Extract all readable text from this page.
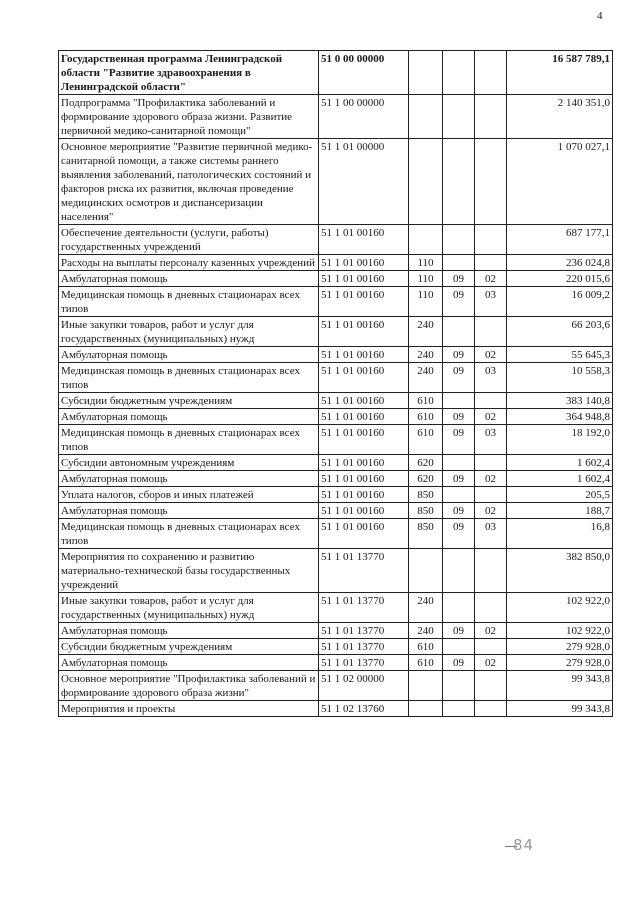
4
Государственная программа Ленинградской области "Развитие здравоохранения в Ленинградской области"	51 0 00 00000				16 587 789,1
Подпрограмма "Профилактика заболеваний и формирование здорового образа жизни. Развитие первичной медико-санитарной помощи"	51 1 00 00000				2 140 351,0
Основное мероприятие "Развитие первичной медико-санитарной помощи, а также системы раннего выявления заболеваний, патологических состояний и факторов риска их развития, включая проведение медицинских осмотров и диспансеризации населения"	51 1 01 00000				1 070 027,1
Обеспечение деятельности (услуги, работы) государственных учреждений	51 1 01 00160				687 177,1
Расходы на выплаты персоналу казенных учреждений	51 1 01 00160	110			236 024,8
Амбулаторная помощь	51 1 01 00160	110	09	02	220 015,6
Медицинская помощь в дневных стационарах всех типов	51 1 01 00160	110	09	03	16 009,2
Иные закупки товаров, работ и услуг для государственных (муниципальных) нужд	51 1 01 00160	240			66 203,6
Амбулаторная помощь	51 1 01 00160	240	09	02	55 645,3
Медицинская помощь в дневных стационарах всех типов	51 1 01 00160	240	09	03	10 558,3
Субсидии бюджетным учреждениям	51 1 01 00160	610			383 140,8
Амбулаторная помощь	51 1 01 00160	610	09	02	364 948,8
Медицинская помощь в дневных стационарах всех типов	51 1 01 00160	610	09	03	18 192,0
Субсидии автономным учреждениям	51 1 01 00160	620			1 602,4
Амбулаторная помощь	51 1 01 00160	620	09	02	1 602,4
Уплата налогов, сборов и иных платежей	51 1 01 00160	850			205,5
Амбулаторная помощь	51 1 01 00160	850	09	02	188,7
Медицинская помощь в дневных стационарах всех типов	51 1 01 00160	850	09	03	16,8
Мероприятия по сохранению и развитию материально-технической базы государственных учреждений	51 1 01 13770				382 850,0
Иные закупки товаров, работ и услуг для государственных (муниципальных) нужд	51 1 01 13770	240			102 922,0
Амбулаторная помощь	51 1 01 13770	240	09	02	102 922,0
Субсидии бюджетным учреждениям	51 1 01 13770	610			279 928,0
Амбулаторная помощь	51 1 01 13770	610	09	02	279 928,0
Основное мероприятие "Профилактика заболеваний и формирование здорового образа жизни"	51 1 02 00000				99 343,8
Мероприятия и проекты	51 1 02 13760				99 343,8
84
